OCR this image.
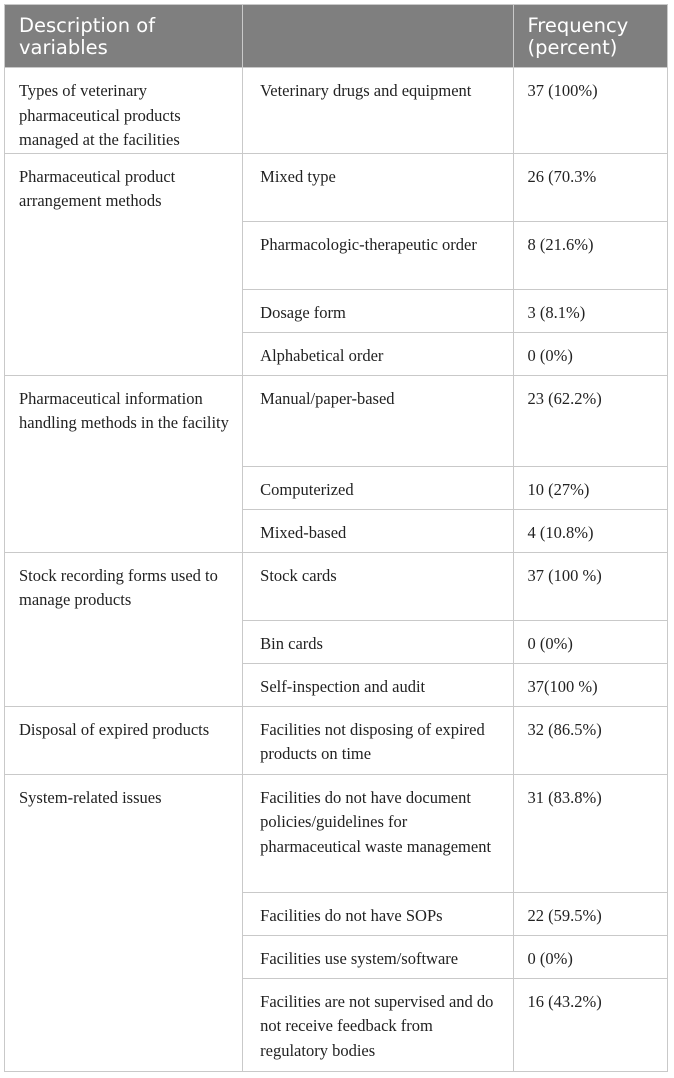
Description of variables		Frequency (percent)
Types of veterinary pharmaceutical products managed at the facilities	Veterinary drugs and equipment	37 (100%)
Pharmaceutical product arrangement methods	Mixed type	26 (70.3%
	Pharmacologic-therapeutic order	8 (21.6%)
	Dosage form	3 (8.1%)
	Alphabetical order	0 (0%)
Pharmaceutical information handling methods in the facility	Manual/paper-based	23 (62.2%)
	Computerized	10 (27%)
	Mixed-based	4 (10.8%)
Stock recording forms used to manage products	Stock cards	37 (100 %)
	Bin cards	0 (0%)
	Self-inspection and audit	37(100 %)
Disposal of expired products	Facilities not disposing of expired products on time	32 (86.5%)
System-related issues	Facilities do not have document policies/guidelines for pharmaceutical waste management	31 (83.8%)
	Facilities do not have SOPs	22 (59.5%)
	Facilities use system/software	0 (0%)
	Facilities are not supervised and do not receive feedback from regulatory bodies	16 (43.2%)
